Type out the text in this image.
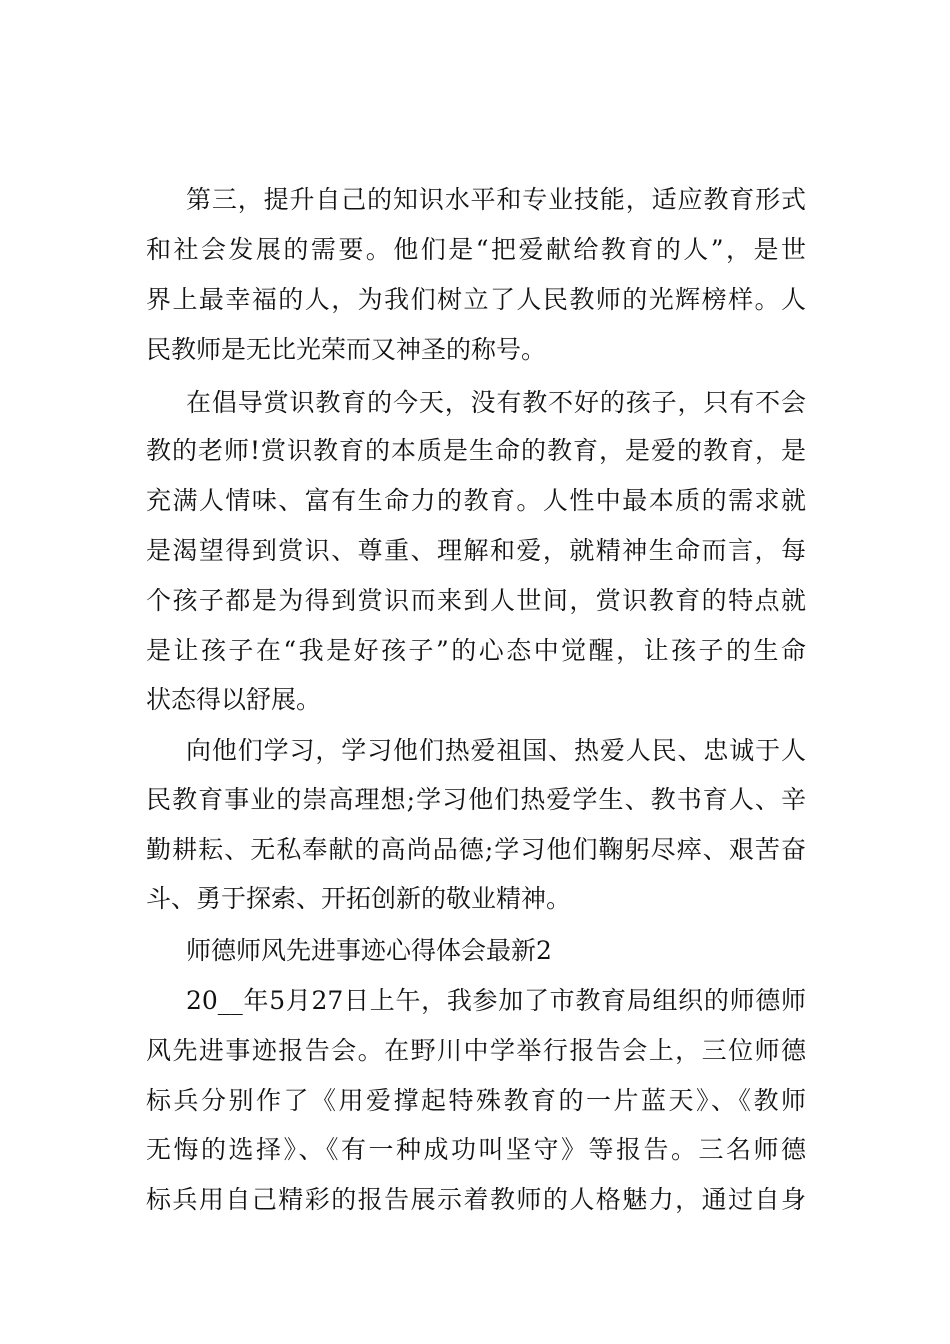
第三，提升自己的知识水平和专业技能，适应教育形式
和社会发展的需要。他们是“把爱献给教育的人”，是世
界上最幸福的人，为我们树立了人民教师的光辉榜样。人
民教师是无比光荣而又神圣的称号。
在倡导赏识教育的今天，没有教不好的孩子，只有不会
教的老师!赏识教育的本质是生命的教育，是爱的教育，是
充满人情味、富有生命力的教育。人性中最本质的需求就
是渴望得到赏识、尊重、理解和爱，就精神生命而言，每
个孩子都是为得到赏识而来到人世间，赏识教育的特点就
是让孩子在“我是好孩子”的心态中觉醒，让孩子的生命
状态得以舒展。
向他们学习，学习他们热爱祖国、热爱人民、忠诚于人
民教育事业的崇高理想;学习他们热爱学生、教书育人、辛
勤耕耘、无私奉献的高尚品德;学习他们鞠躬尽瘁、艰苦奋
斗、勇于探索、开拓创新的敬业精神。
师德师风先进事迹心得体会最新2
20__年5月27日上午，我参加了市教育局组织的师德师
风先进事迹报告会。在野川中学举行报告会上，三位师德
标兵分别作了《用爱撑起特殊教育的一片蓝天》、《教师
无悔的选择》、《有一种成功叫坚守》等报告。三名师德
标兵用自己精彩的报告展示着教师的人格魅力，通过自身
